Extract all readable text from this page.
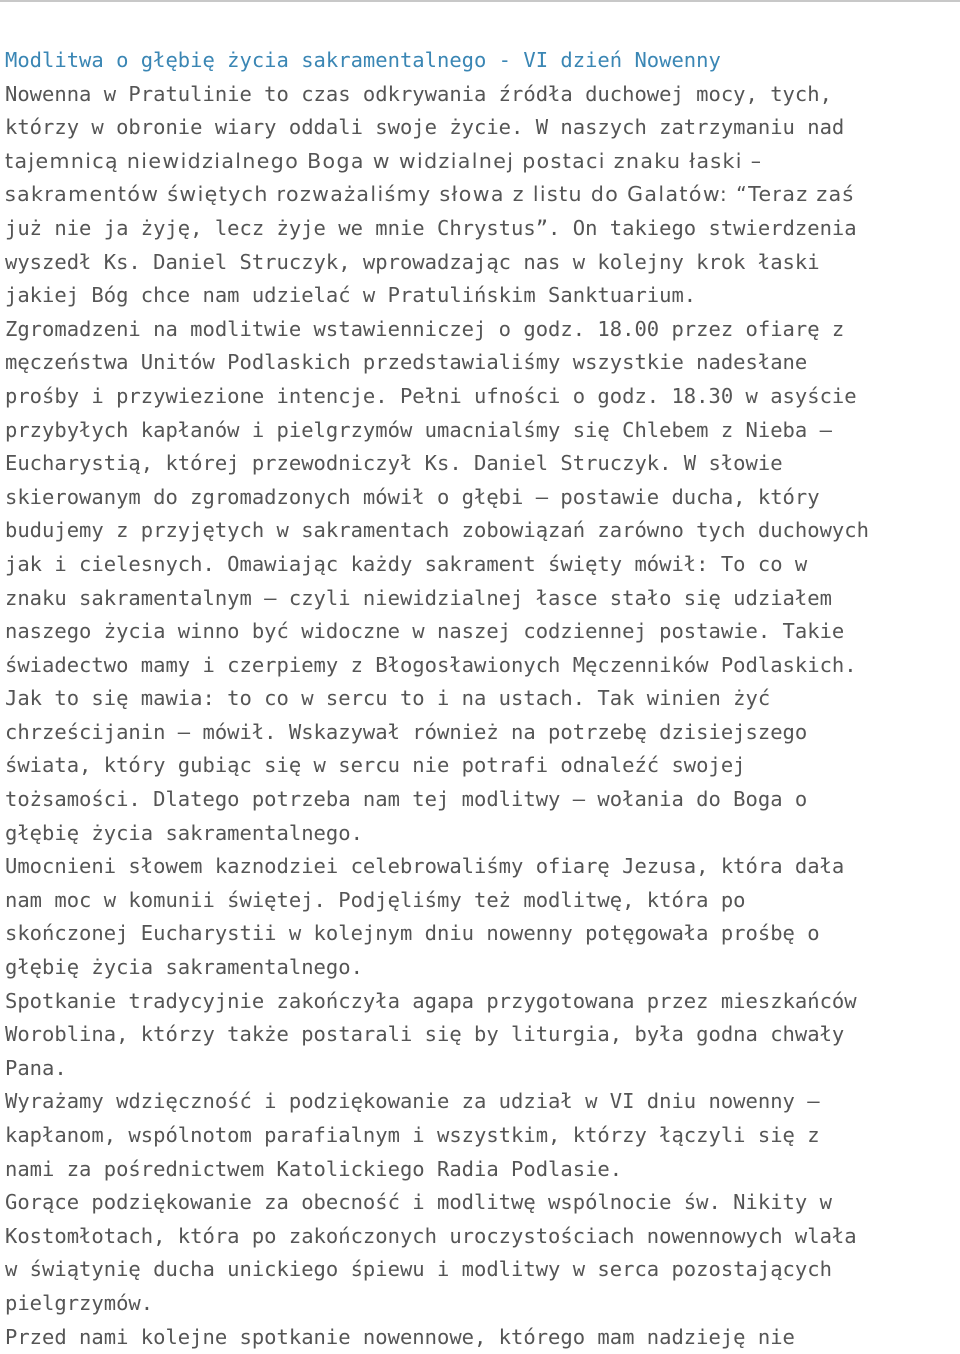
Modlitwa o głębię życia sakramentalnego - VI dzień Nowenny

Nowenna w Pratulinie to czas odkrywania źródła duchowej mocy, tych,
którzy w obronie wiary oddali swoje życie. W naszych zatrzymaniu nad
tajemnicą niewidzialnego Boga w widzialnej postaci znaku łaski –
sakramentów świętych rozważaliśmy słowa z listu do Galatów: “Teraz zaś
już nie ja żyję, lecz żyje we mnie Chrystus”. On takiego stwierdzenia
wyszedł Ks. Daniel Struczyk, wprowadzając nas w kolejny krok łaski
jakiej Bóg chce nam udzielać w Pratulińskim Sanktuarium.
Zgromadzeni na modlitwie wstawienniczej o godz. 18.00 przez ofiarę z
męczeństwa Unitów Podlaskich przedstawialiśmy wszystkie nadesłane
prośby i przywiezione intencje. Pełni ufności o godz. 18.30 w asyście
przybyłych kapłanów i pielgrzymów umacnialśmy się Chlebem z Nieba –
Eucharystią, której przewodniczył Ks. Daniel Struczyk. W słowie
skierowanym do zgromadzonych mówił o głębi – postawie ducha, który
budujemy z przyjętych w sakramentach zobowiązań zarówno tych duchowych
jak i cielesnych. Omawiając każdy sakrament święty mówił: To co w
znaku sakramentalnym – czyli niewidzialnej łasce stało się udziałem
naszego życia winno być widoczne w naszej codziennej postawie. Takie
świadectwo mamy i czerpiemy z Błogosławionych Męczenników Podlaskich.
Jak to się mawia: to co w sercu to i na ustach. Tak winien żyć
chrześcijanin – mówił. Wskazywał również na potrzebę dzisiejszego
świata, który gubiąc się w sercu nie potrafi odnaleźć swojej
tożsamości. Dlatego potrzeba nam tej modlitwy – wołania do Boga o
głębię życia sakramentalnego.

Umocnieni słowem kaznodziei celebrowaliśmy ofiarę Jezusa, która dała
nam moc w komunii świętej. Podjęliśmy też modlitwę, która po
skończonej Eucharystii w kolejnym dniu nowenny potęgowała prośbę o
głębię życia sakramentalnego.

Spotkanie tradycyjnie zakończyła agapa przygotowana przez mieszkańców
Woroblina, którzy także postarali się by liturgia, była godna chwały
Pana.

Wyrażamy wdzięczność i podziękowanie za udział w VI dniu nowenny –
kapłanom, wspólnotom parafialnym i wszystkim, którzy łączyli się z
nami za pośrednictwem Katolickiego Radia Podlasie.

Gorące podziękowanie za obecność i modlitwę wspólnocie św. Nikity w
Kostomłotach, która po zakończonych uroczystościach nowennowych wlała
w świątynię ducha unickiego śpiewu i modlitwy w serca pozostających
pielgrzymów.

Przed nami kolejne spotkanie nowennowe, którego mam nadzieję nie
